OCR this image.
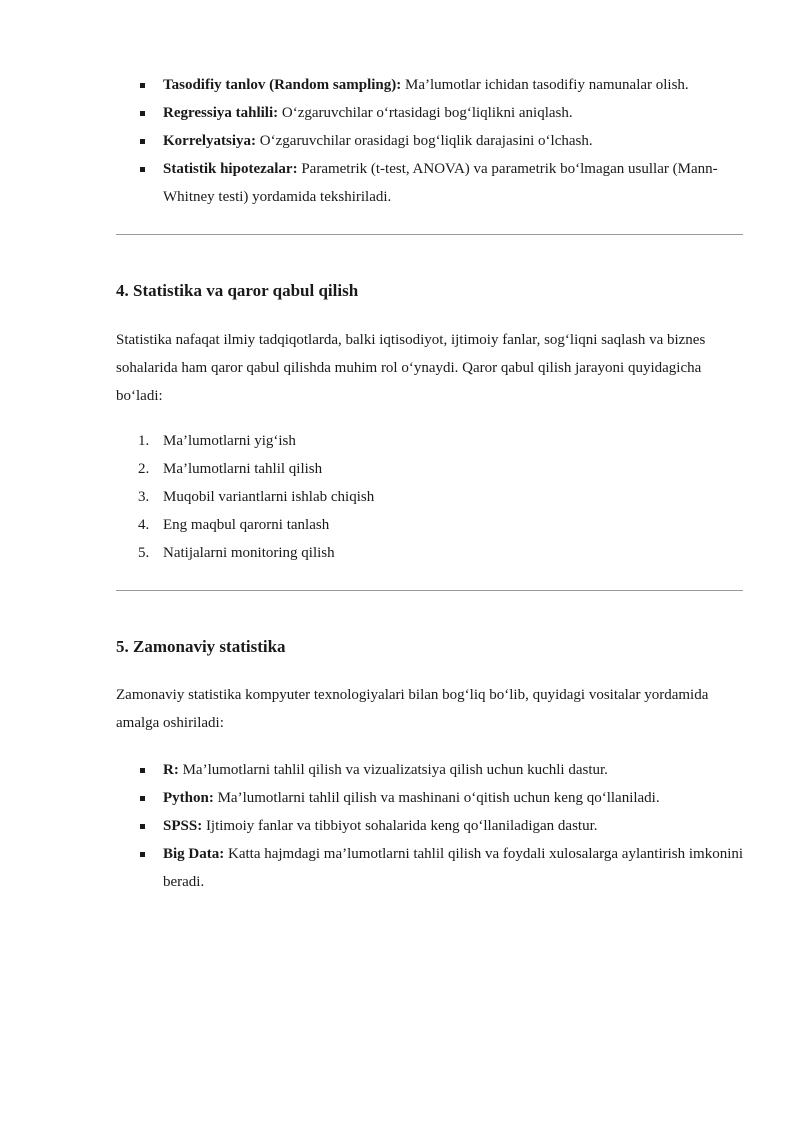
Tasodifiy tanlov (Random sampling): Ma’lumotlar ichidan tasodifiy namunalar olish.
Regressiya tahlili: O‘zgaruvchilar o‘rtasidagi bog‘liqlikni aniqlash.
Korrelyatsiya: O‘zgaruvchilar orasidagi bog‘liqlik darajasini o‘lchash.
Statistik hipotezalar: Parametrik (t-test, ANOVA) va parametrik bo‘lmagan usullar (Mann-Whitney testi) yordamida tekshiriladi.
4. Statistika va qaror qabul qilish

Statistika nafaqat ilmiy tadqiqotlarda, balki iqtisodiyot, ijtimoiy fanlar, sog‘liqni saqlash va biznes sohalarida ham qaror qabul qilishda muhim rol o‘ynaydi. Qaror qabul qilish jarayoni quyidagicha bo‘ladi:

1. Ma’lumotlarni yig‘ish
2. Ma’lumotlarni tahlil qilish
3. Muqobil variantlarni ishlab chiqish
4. Eng maqbul qarorni tanlash
5. Natijalarni monitoring qilish
5. Zamonaviy statistika

Zamonaviy statistika kompyuter texnologiyalari bilan bog‘liq bo‘lib, quyidagi vositalar yordamida amalga oshiriladi:

R: Ma’lumotlarni tahlil qilish va vizualizatsiya qilish uchun kuchli dastur.
Python: Ma’lumotlarni tahlil qilish va mashinani o‘qitish uchun keng qo‘llaniladi.
SPSS: Ijtimoiy fanlar va tibbiyot sohalarida keng qo‘llaniladigan dastur.
Big Data: Katta hajmdagi ma’lumotlarni tahlil qilish va foydali xulosalarga aylantirish imkonini beradi.
